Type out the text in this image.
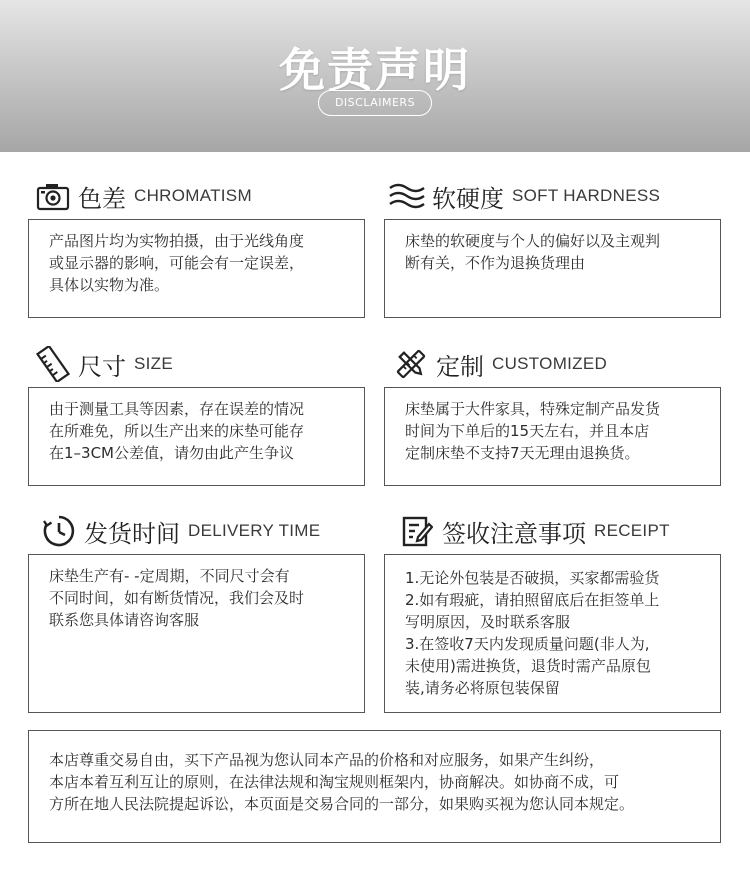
免责声明
DISCLAIMERS
色差 CHROMATISM
产品图片均为实物拍摄，由于光线角度
或显示器的影响，可能会有一定误差，
具体以实物为准。
软硬度 SOFT HARDNESS
床垫的软硬度与个人的偏好以及主观判
断有关，不作为退换货理由
尺寸 SIZE
由于测量工具等因素，存在误差的情况
在所难免，所以生产出来的床垫可能存
在1–3CM公差值，请勿由此产生争议
定制 CUSTOMIZED
床垫属于大件家具，特殊定制产品发货
时间为下单后的15天左右，并且本店
定制床垫不支持7天无理由退换货。
发货时间 DELIVERY TIME
床垫生产有- -定周期，不同尺寸会有
不同时间，如有断货情况，我们会及时
联系您具体请咨询客服
签收注意事项 RECEIPT
1.无论外包装是否破损，买家都需验货
2.如有瑕疵，请拍照留底后在拒签单上
写明原因，及时联系客服
3.在签收7天内发现质量问题(非人为,
未使用)需进换货，退货时需产品原包
装,请务必将原包装保留
本店尊重交易自由，买下产品视为您认同本产品的价格和对应服务，如果产生纠纷，
本店本着互利互让的原则，在法律法规和淘宝规则框架内，协商解决。如协商不成，可
方所在地人民法院提起诉讼，本页面是交易合同的一部分，如果购买视为您认同本规定。
